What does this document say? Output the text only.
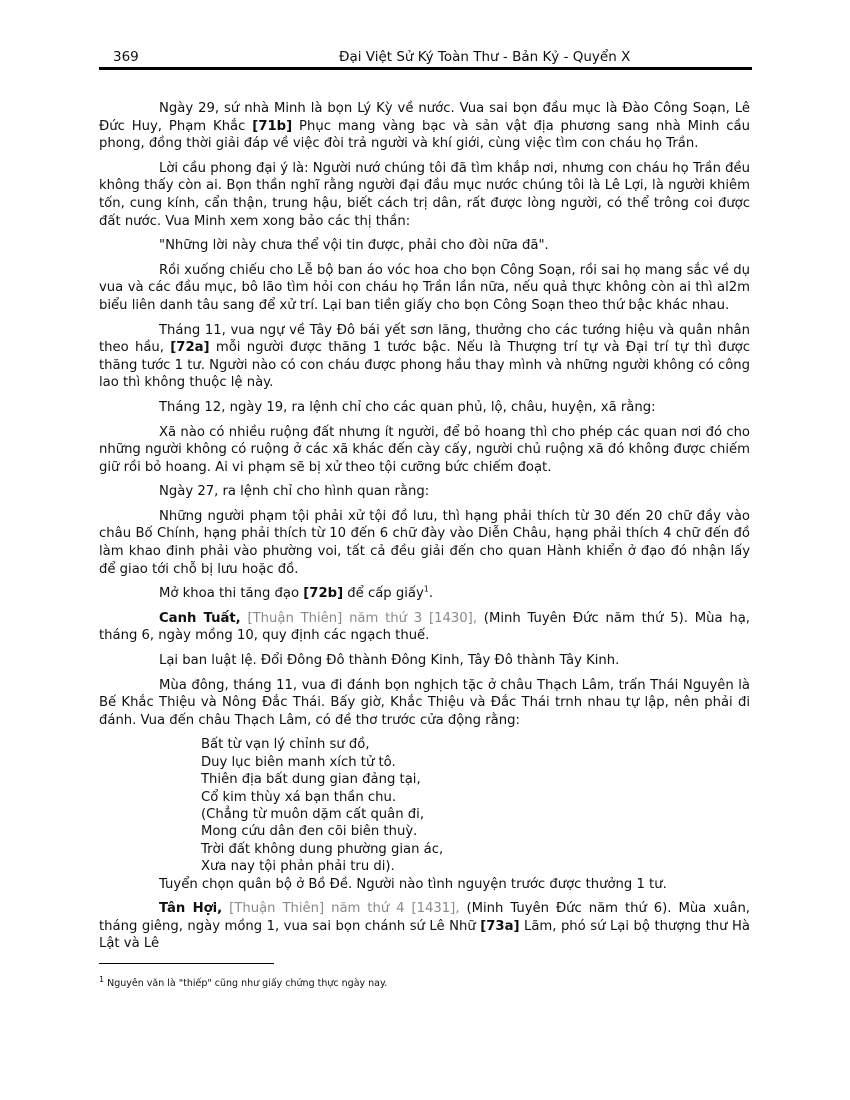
369	Đại Việt Sử Ký Toàn Thư - Bản Kỷ - Quyển X

Ngày 29, sứ nhà Minh là bọn Lý Kỳ về nước. Vua sai bọn đầu mục là Đào Công Soạn, Lê Đức Huy, Phạm Khắc [71b] Phục mang vàng bạc và sản vật địa phương sang nhà Minh cầu phong, đồng thời giải đáp về việc đòi trả người và khí giới, cùng việc tìm con cháu họ Trần.

Lời cầu phong đại ý là: Người nướ chúng tôi đã tìm khắp nơi, nhưng con cháu họ Trần đều không thấy còn ai. Bọn thần nghĩ rằng người đại đầu mục nước chúng tôi là Lê Lợi, là người khiêm tốn, cung kính, cẩn thận, trung hậu, biết cách trị dân, rất được lòng người, có thể trông coi được đất nước. Vua Minh xem xong bảo các thị thần:

"Những lời này chưa thể vội tin được, phải cho đòi nữa đã".

Rồi xuống chiếu cho Lễ bộ ban áo vóc hoa cho bọn Công Soạn, rồi sai họ mang sắc về dụ vua và các đầu mục, bô lão tìm hỏi con cháu họ Trần lần nữa, nếu quả thực không còn ai thì al2m biểu liên danh tâu sang để xử trí. Lại ban tiền giấy cho bọn Công Soạn theo thứ bậc khác nhau.

Tháng 11, vua ngự về Tây Đô bái yết sơn lăng, thưởng cho các tướng hiệu và quân nhân theo hầu, [72a] mỗi người được thăng 1 tước bậc. Nếu là Thượng trí tự và Đại trí tự thì được thăng tước 1 tư. Người nào có con cháu được phong hầu thay mình và những người không có công lao thì không thuộc lệ này.

Tháng 12, ngày 19, ra lệnh chỉ cho các quan phủ, lộ, châu, huyện, xã rằng:

Xã nào có nhiều ruộng đất nhưng ít người, để bỏ hoang thì cho phép các quan nơi đó cho những người không có ruộng ở các xã khác đến cày cấy, người chủ ruộng xã đó không được chiếm giữ rồi bỏ hoang. Ai vi phạm sẽ bị xử theo tội cưỡng bức chiếm đoạt.

Ngày 27, ra lệnh chỉ cho hình quan rằng:

Những người phạm tội phải xử tội đồ lưu, thì hạng phải thích từ 30 đến 20 chữ đầy vào châu Bố Chính, hạng phải thích từ 10 đến 6 chữ đày vào Diễn Châu, hạng phải thích 4 chữ đến đồ làm khao đinh phải vào phường voi, tất cả đều giải đến cho quan Hành khiển ở đạo đó nhận lấy để giao tới chỗ bị lưu hoặc đồ.

Mở khoa thi tăng đạo [72b] để cấp giấy$^1$.

Canh Tuất, [Thuận Thiên] năm thứ 3 [1430], (Minh Tuyên Đức năm thứ 5). Mùa hạ, tháng 6, ngày mồng 10, quy định các ngạch thuế.

Lại ban luật lệ. Đổi Đông Đô thành Đông Kinh, Tây Đô thành Tây Kinh.

Mùa đông, tháng 11, vua đi đánh bọn nghịch tặc ở châu Thạch Lâm, trấn Thái Nguyên là Bế Khắc Thiệu và Nông Đắc Thái. Bấy giờ, Khắc Thiệu và Đắc Thái trnh nhau tự lập, nên phải đi đánh. Vua đến châu Thạch Lâm, có đề thơ trước cửa động rằng:

Bất từ vạn lý chỉnh sư đồ,
Duy lục biên manh xích tử tô.
Thiên địa bất dung gian đảng tại,
Cổ kim thùy xá bạn thần chu.
(Chẳng từ muôn dặm cất quân đi,
Mong cứu dân đen cõi biên thuỳ.
Trời đất không dung phường gian ác,
Xưa nay tội phản phải tru di).

Tuyển chọn quân bộ ở Bồ Đề. Người nào tình nguyện trước được thưởng 1 tư.

Tân Hợi, [Thuận Thiên] năm thứ 4 [1431], (Minh Tuyên Đức năm thứ 6). Mùa xuân, tháng giêng, ngày mồng 1, vua sai bọn chánh sứ Lê Nhữ [73a] Lãm, phó sứ Lại bộ thượng thư Hà Lật và Lê

$^1$ Nguyên văn là "thiếp" cũng như giấy chứng thực ngày nay.
